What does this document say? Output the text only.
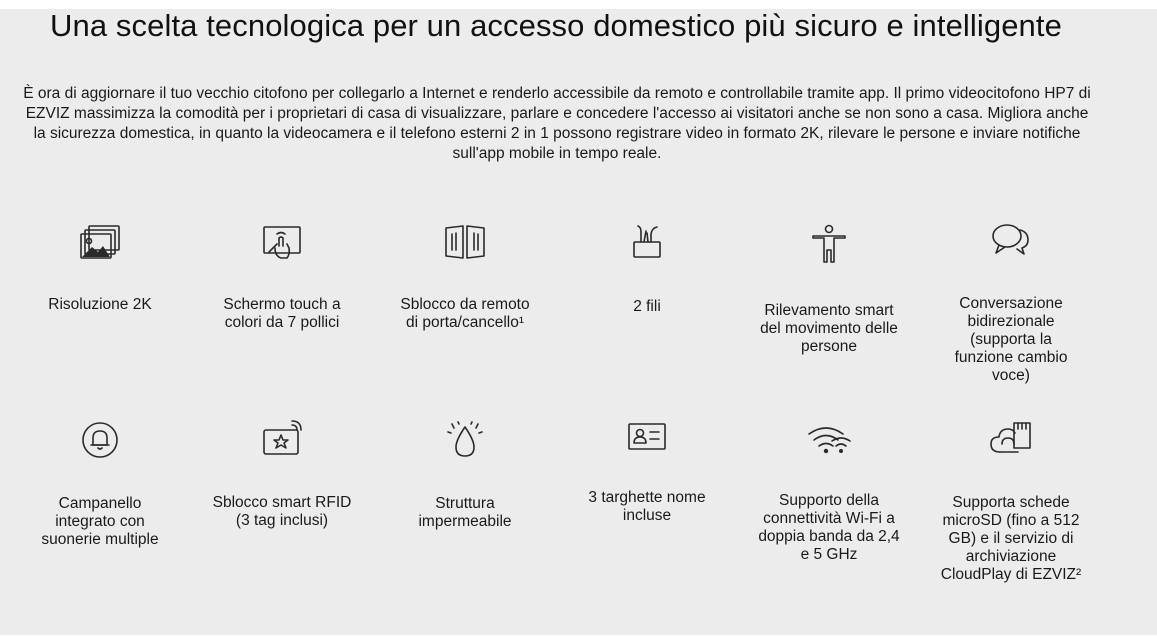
Una scelta tecnologica per un accesso domestico più sicuro e intelligente

È ora di aggiornare il tuo vecchio citofono per collegarlo a Internet e renderlo accessibile da remoto e controllabile tramite app. Il primo videocitofono HP7 di EZVIZ massimizza la comodità per i proprietari di casa di visualizzare, parlare e concedere l'accesso ai visitatori anche se non sono a casa. Migliora anche la sicurezza domestica, in quanto la videocamera e il telefono esterni 2 in 1 possono registrare video in formato 2K, rilevare le persone e inviare notifiche sull'app mobile in tempo reale.

Risoluzione 2K	Schermo touch a
colori da 7 pollici
Sblocco da remoto
di porta/cancello¹
2 fili	Rilevamento smart
del movimento delle
persone
Conversazione
bidirezionale
(supporta la
funzione cambio
voce)
Campanello
integrato con
suonerie multiple
Sblocco smart RFID
(3 tag inclusi)
Struttura
impermeabile
3 targhette nome
incluse
Supporto della
connettività Wi-Fi a
doppia banda da 2,4
e 5 GHz
Supporta schede
microSD (fino a 512
GB) e il servizio di
archiviazione
CloudPlay di EZVIZ²
